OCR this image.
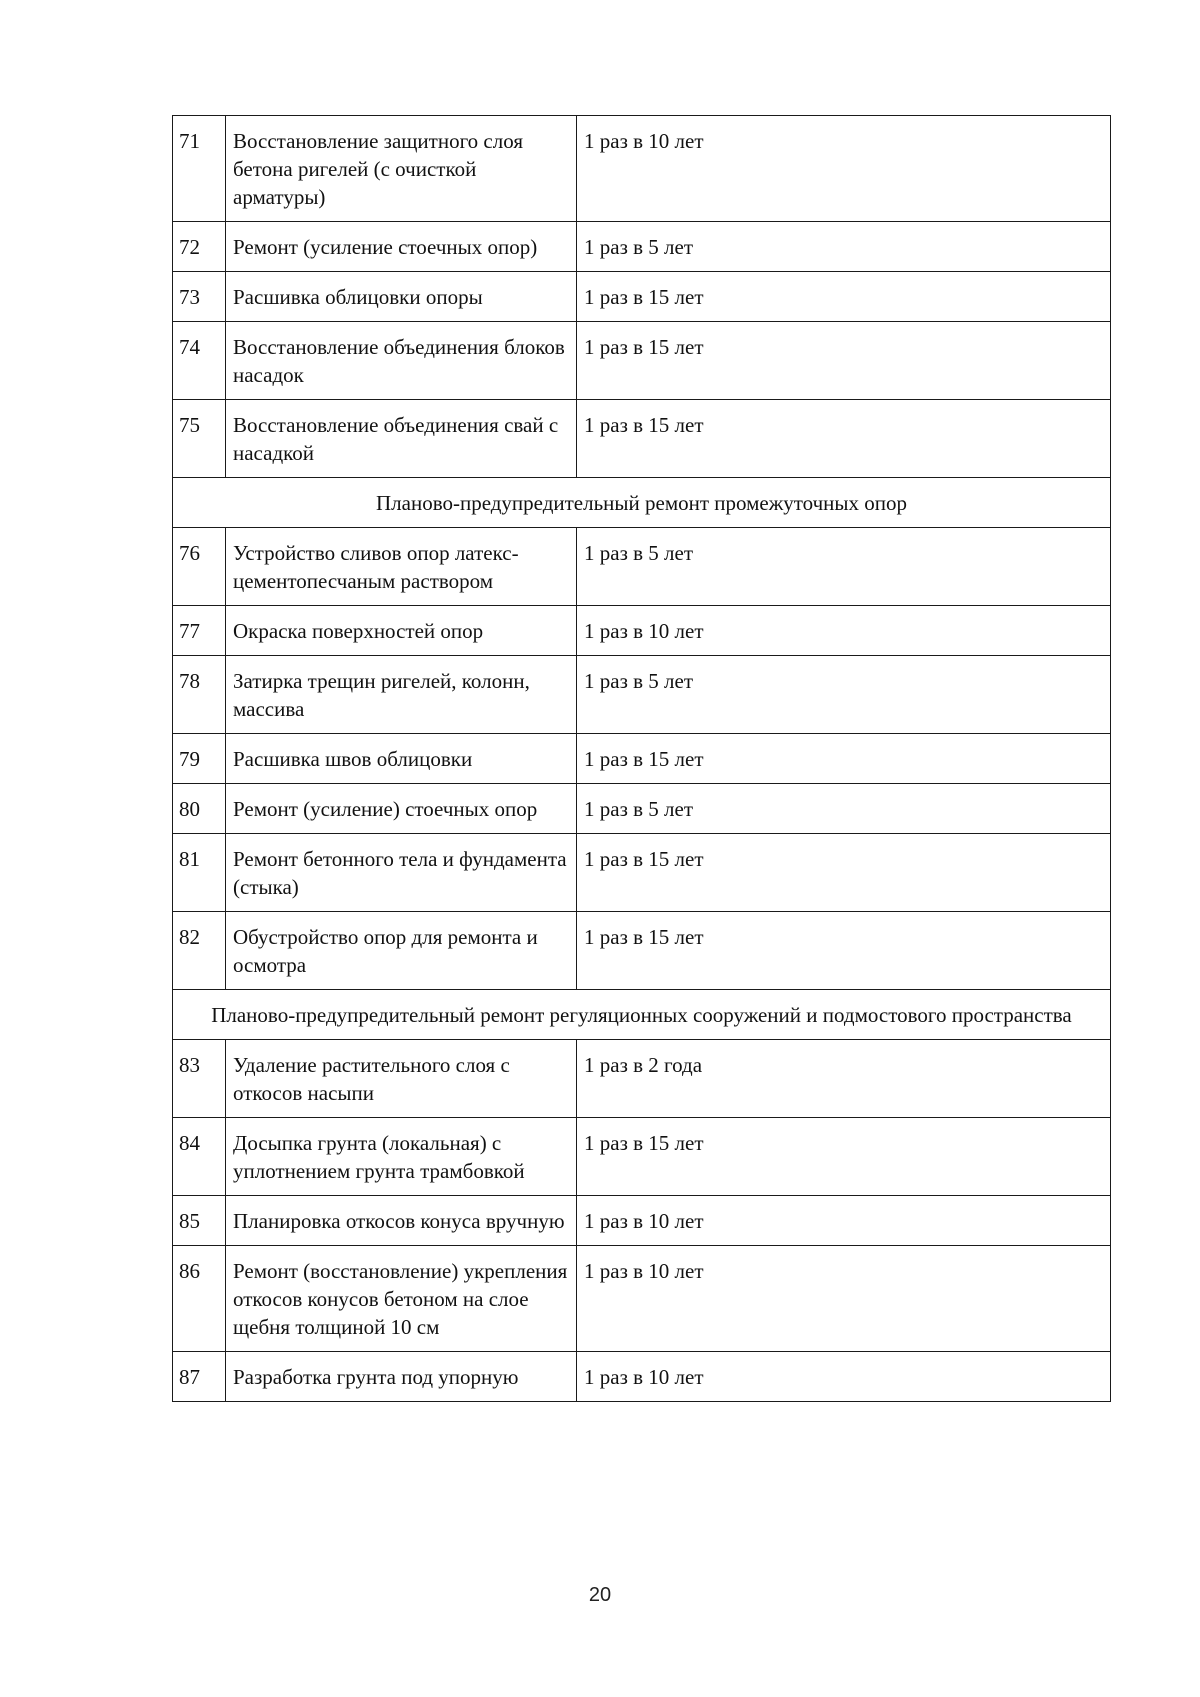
71	Восстановление защитного слоя бетона ригелей (с очисткой арматуры)	1 раз в 10 лет
72	Ремонт (усиление стоечных опор)	1 раз в 5 лет
73	Расшивка облицовки опоры	1 раз в 15 лет
74	Восстановление объединения блоков насадок	1 раз в 15 лет
75	Восстановление объединения свай с насадкой	1 раз в 15 лет
Планово-предупредительный ремонт промежуточных опор		
76	Устройство сливов опор латекс-цементопесчаным раствором	1 раз в 5 лет
77	Окраска поверхностей опор	1 раз в 10 лет
78	Затирка трещин ригелей, колонн, массива	1 раз в 5 лет
79	Расшивка швов облицовки	1 раз в 15 лет
80	Ремонт (усиление) стоечных опор	1 раз в 5 лет
81	Ремонт бетонного тела и фундамента (стыка)	1 раз в 15 лет
82	Обустройство опор для ремонта и осмотра	1 раз в 15 лет
Планово-предупредительный ремонт регуляционных сооружений и подмостового пространства		
83	Удаление растительного слоя с откосов насыпи	1 раз в 2 года
84	Досыпка грунта (локальная) с уплотнением грунта трамбовкой	1 раз в 15 лет
85	Планировка откосов конуса вручную	1 раз в 10 лет
86	Ремонт (восстановление) укрепления откосов конусов бетоном на слое щебня толщиной 10 см	1 раз в 10 лет
87	Разработка грунта под упорную	1 раз в 10 лет
20
